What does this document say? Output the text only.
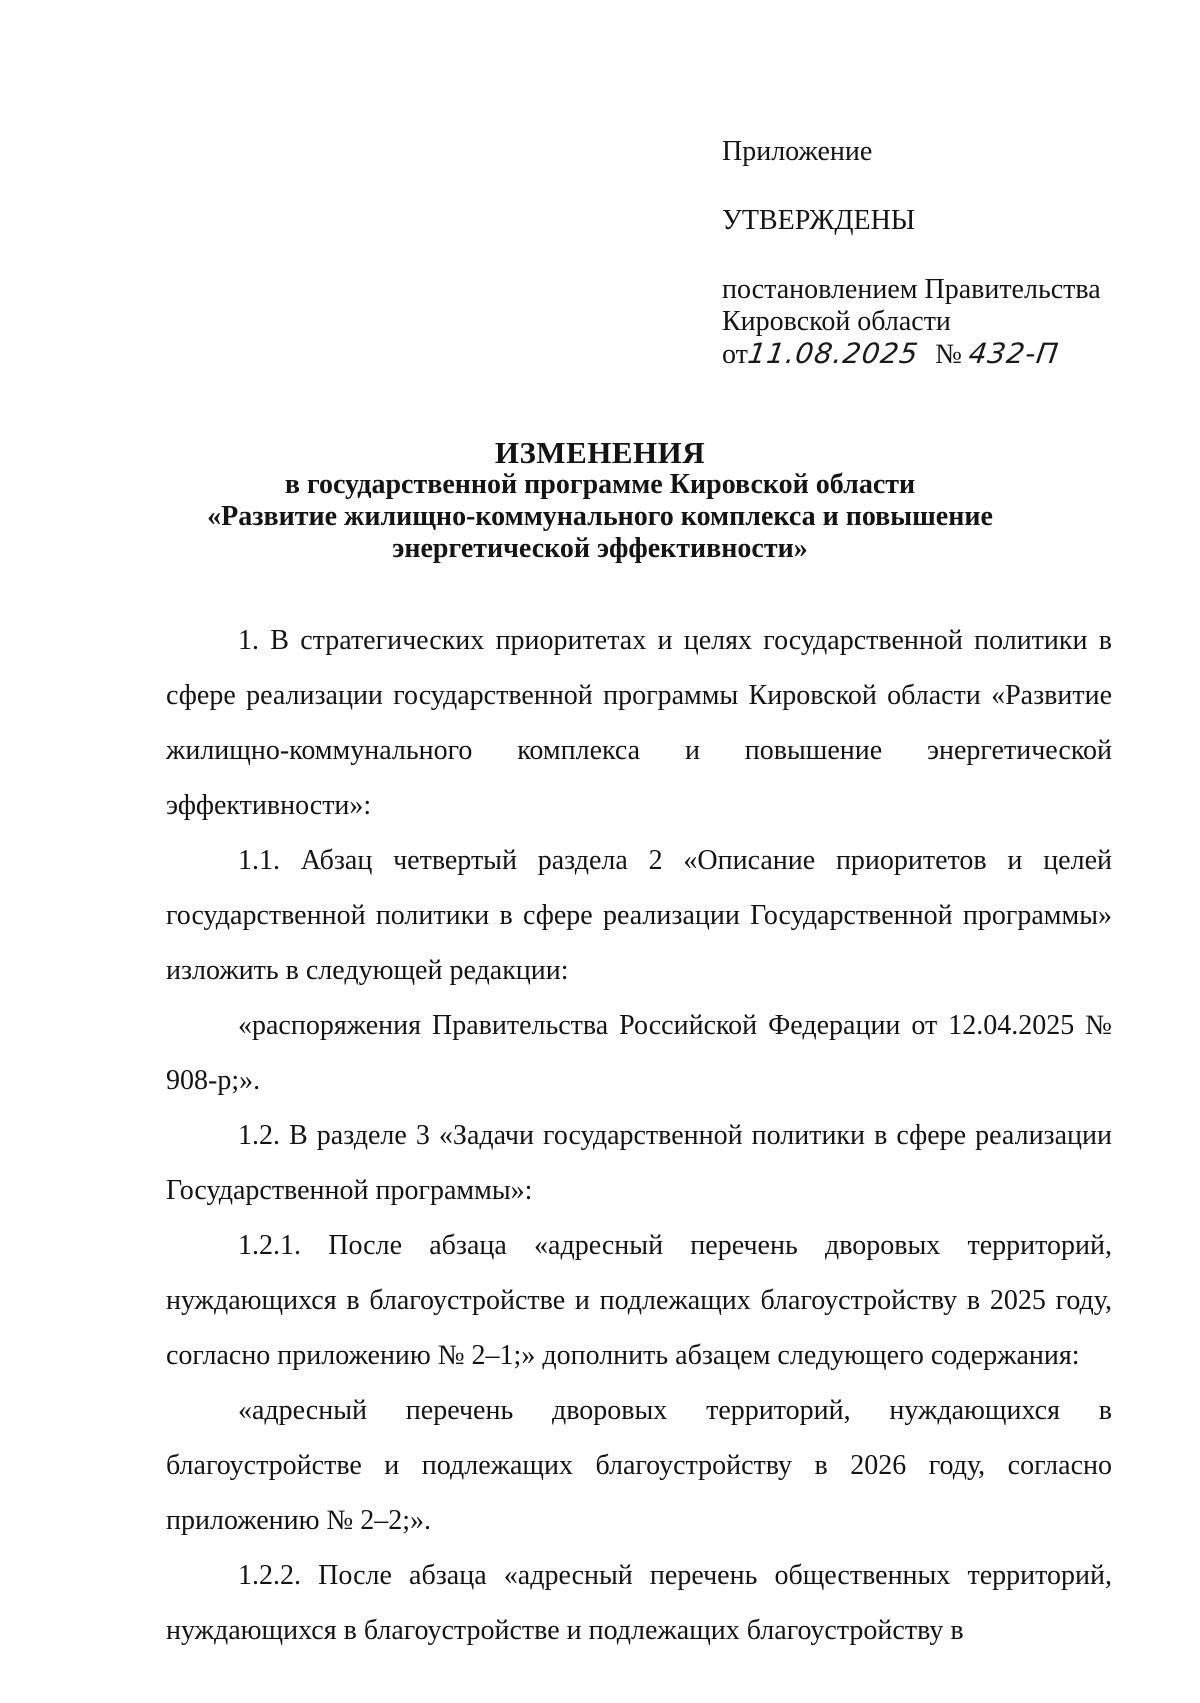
Приложение
УТВЕРЖДЕНЫ
постановлением Правительства
Кировской области
от11.08.2025 № 432-П
ИЗМЕНЕНИЯ
в государственной программе Кировской области
«Развитие жилищно-коммунального комплекса и повышение
энергетической эффективности»

1. В стратегических приоритетах и целях государственной политики в сфере реализации государственной программы Кировской области «Развитие жилищно-коммунального комплекса и повышение энергетической эффективности»:

1.1. Абзац четвертый раздела 2 «Описание приоритетов и целей государственной политики в сфере реализации Государственной программы» изложить в следующей редакции:

«распоряжения Правительства Российской Федерации от 12.04.2025 № 908-р;».

1.2. В разделе 3 «Задачи государственной политики в сфере реализации Государственной программы»:

1.2.1. После абзаца «адресный перечень дворовых территорий, нуждающихся в благоустройстве и подлежащих благоустройству в 2025 году, согласно приложению № 2–1;» дополнить абзацем следующего содержания:

«адресный перечень дворовых территорий, нуждающихся в благоустройстве и подлежащих благоустройству в 2026 году, согласно приложению № 2–2;».

1.2.2. После абзаца «адресный перечень общественных территорий, нуждающихся в благоустройстве и подлежащих благоустройству в
